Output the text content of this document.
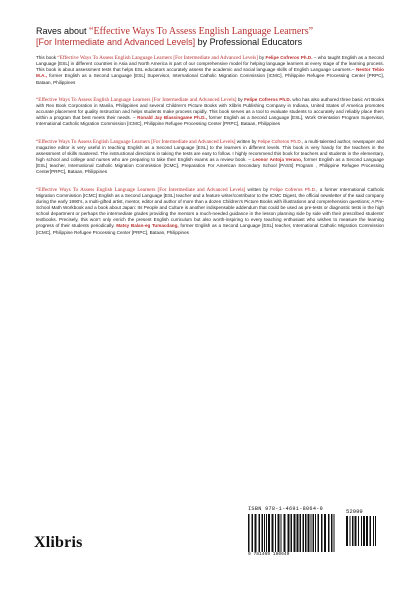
Raves about “Effective Ways To Assess English Language Learners”
[For Intermediate and Advanced Levels] by Professional Educators

This book “Effective Ways To Assess English Language Learners [For Intermediate and Advanced Levels] by Felipe Cofreros Ph.D. – who taught English as a Second Language [ESL] in different countries in Asia and North America is part of our comprehensive model for helping language learners at every stage of the learning process. This book is about assessment tests that helps ESL educators accurately assess the academic and social language skills of English Language Learners.– Nestor Tebio M.A., former English as a Second Language [ESL] Supervisor, International Catholic Migration Commission [ICMC], Philippine Refugee Processing Center [PRPC], Bataan, Philippines

“Effective Ways To Assess English Language Learners [For Intermediate and Advanced Levels] by Felipe Cofreros Ph.D. who has also authored three basic Art Books with Rex Book Corporation in Manila, Philippines and several Children’s Picture Books with Xlibris Publishing Company in Indiana, United States of America promotes accurate placement for quality Instruction and helps students make process rapidly. This book serves as a tool to evaluate students to accurately and reliably place them within a program that best meets their needs. – Ronald Jay Blassingame Ph.D., former English as a Second Language [ESL], Work Orientation Program Supervisor, International Catholic Migration Commission [ICMC], Philippine Refugee Processing Center [PRPC], Bataan, Philippines

“Effective Ways To Assess English Language Learners [For Intermediate and Advanced Levels] written by Felipe Cofreros Ph.D., a multi-talented author, newspaper and magazine editor is very useful in teaching English as a Second Language [ESL] to the learners in different levels. This book is very handy for the teachers in the assessment of skills mastered. The instructional directions in taking the tests are easy to follow. I highly recommend this book for teachers and students in the elementary, high school and college and nurses who are preparing to take their English exams as a review book. – Leonor Antoja Verano, former English as a Second Language [ESL] teacher, International Catholic Migration Commission [ICMC], Preparation For American Secondary School [PASS] Program , Philippine Refugee Processing Center[PRPC], Bataan, Philippines

“Effective Ways To Assess English Language Learners [For Intermediate and Advanced Levels] written by Felipe Cofreros Ph.D., a former International Catholic Migration Commission [ICMC] English as a Second Language [ESL] teacher and a feature writer/contributor to the ICMC Digest, the official newsletter of the said company during the early 1990’s, a multi-gifted artist, mentor, editor and author of more than a dozen Children’s Picture Books with illustrations and comprehension questions; A Pre-School Math Workbook and a book about Japan: Its People and Culture is another indispensable addendum that could be used as pre-tests or diagnostic tests in the high school department or perhaps the intermediate grades providing the mentors a much-needed guidance in the lesson planning side by side with their prescribed students’ textbooks. Precisely, this won’t only enrich the present English curriculum but also worth-inspiring to every teaching enthusiast who wishes to measure the learning progress of their students periodically. Matsy Balan-eg Tumacdang, former English as a Second Language [ESL] teacher, International Catholic Migration Commission [ICMC], Philippine Refugee Processing Center [PRPC], Bataan, Philippines

ISBN 978-1-4691-8064-9	52999
9 781469 180649
Xlibris
